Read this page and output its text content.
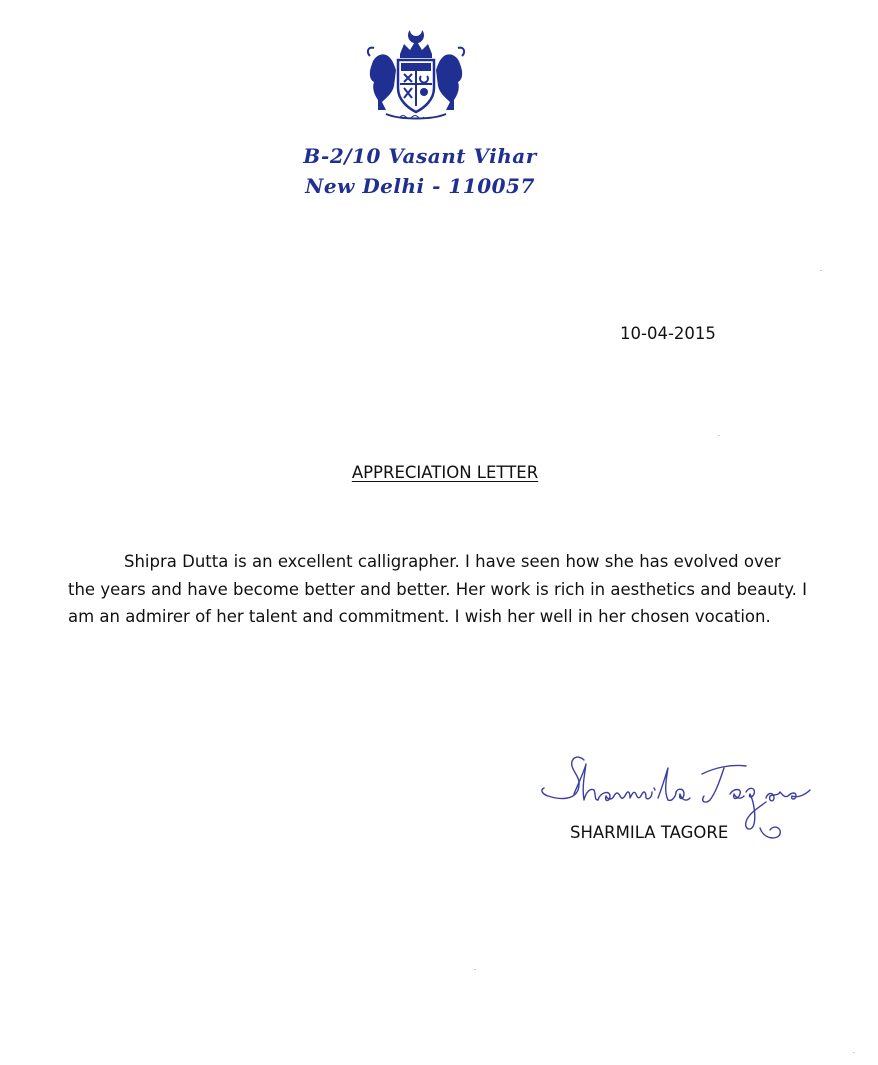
B-2/10 Vasant Vihar
New Delhi - 110057
10-04-2015
APPRECIATION LETTER

Shipra Dutta is an excellent calligrapher. I have seen how she has evolved over the years and have become better and better. Her work is rich in aesthetics and beauty. I am an admirer of her talent and commitment. I wish her well in her chosen vocation.

SHARMILA TAGORE
